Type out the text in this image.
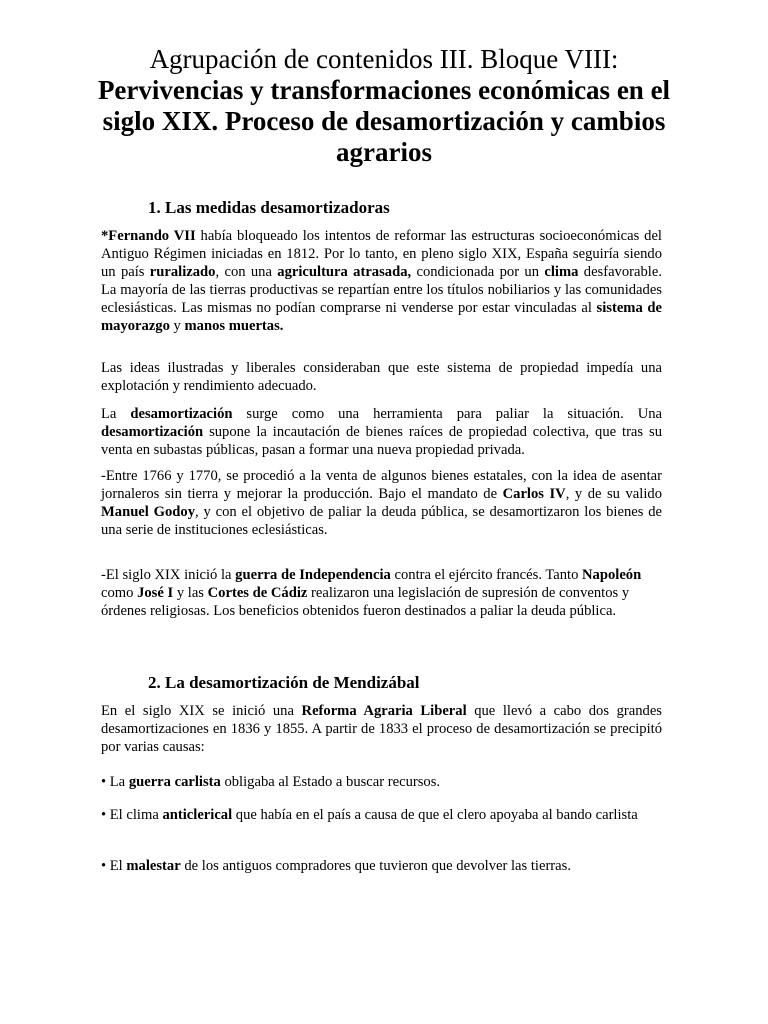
Agrupación de contenidos III. Bloque VIII:
Pervivencias y transformaciones económicas en el siglo XIX. Proceso de desamortización y cambios agrarios
1. Las medidas desamortizadoras

*Fernando VII había bloqueado los intentos de reformar las estructuras socioeconómicas del Antiguo Régimen iniciadas en 1812. Por lo tanto, en pleno siglo XIX, España seguiría siendo un país ruralizado, con una agricultura atrasada, condicionada por un clima desfavorable. La mayoría de las tierras productivas se repartían entre los títulos nobiliarios y las comunidades eclesiásticas. Las mismas no podían comprarse ni venderse por estar vinculadas al sistema de mayorazgo y manos muertas.

Las ideas ilustradas y liberales consideraban que este sistema de propiedad impedía una explotación y rendimiento adecuado.

La desamortización surge como una herramienta para paliar la situación. Una desamortización supone la incautación de bienes raíces de propiedad colectiva, que tras su venta en subastas públicas, pasan a formar una nueva propiedad privada.

-Entre 1766 y 1770, se procedió a la venta de algunos bienes estatales, con la idea de asentar jornaleros sin tierra y mejorar la producción. Bajo el mandato de Carlos IV, y de su valido Manuel Godoy, y con el objetivo de paliar la deuda pública, se desamortizaron los bienes de una serie de instituciones eclesiásticas.

-El siglo XIX inició la guerra de Independencia contra el ejército francés. Tanto Napoleón como José I y las Cortes de Cádiz realizaron una legislación de supresión de conventos y órdenes religiosas. Los beneficios obtenidos fueron destinados a paliar la deuda pública.

2. La desamortización de Mendizábal

En el siglo XIX se inició una Reforma Agraria Liberal que llevó a cabo dos grandes desamortizaciones en 1836 y 1855. A partir de 1833 el proceso de desamortización se precipitó por varias causas:

• La guerra carlista obligaba al Estado a buscar recursos.

• El clima anticlerical que había en el país a causa de que el clero apoyaba al bando carlista

• El malestar de los antiguos compradores que tuvieron que devolver las tierras.
